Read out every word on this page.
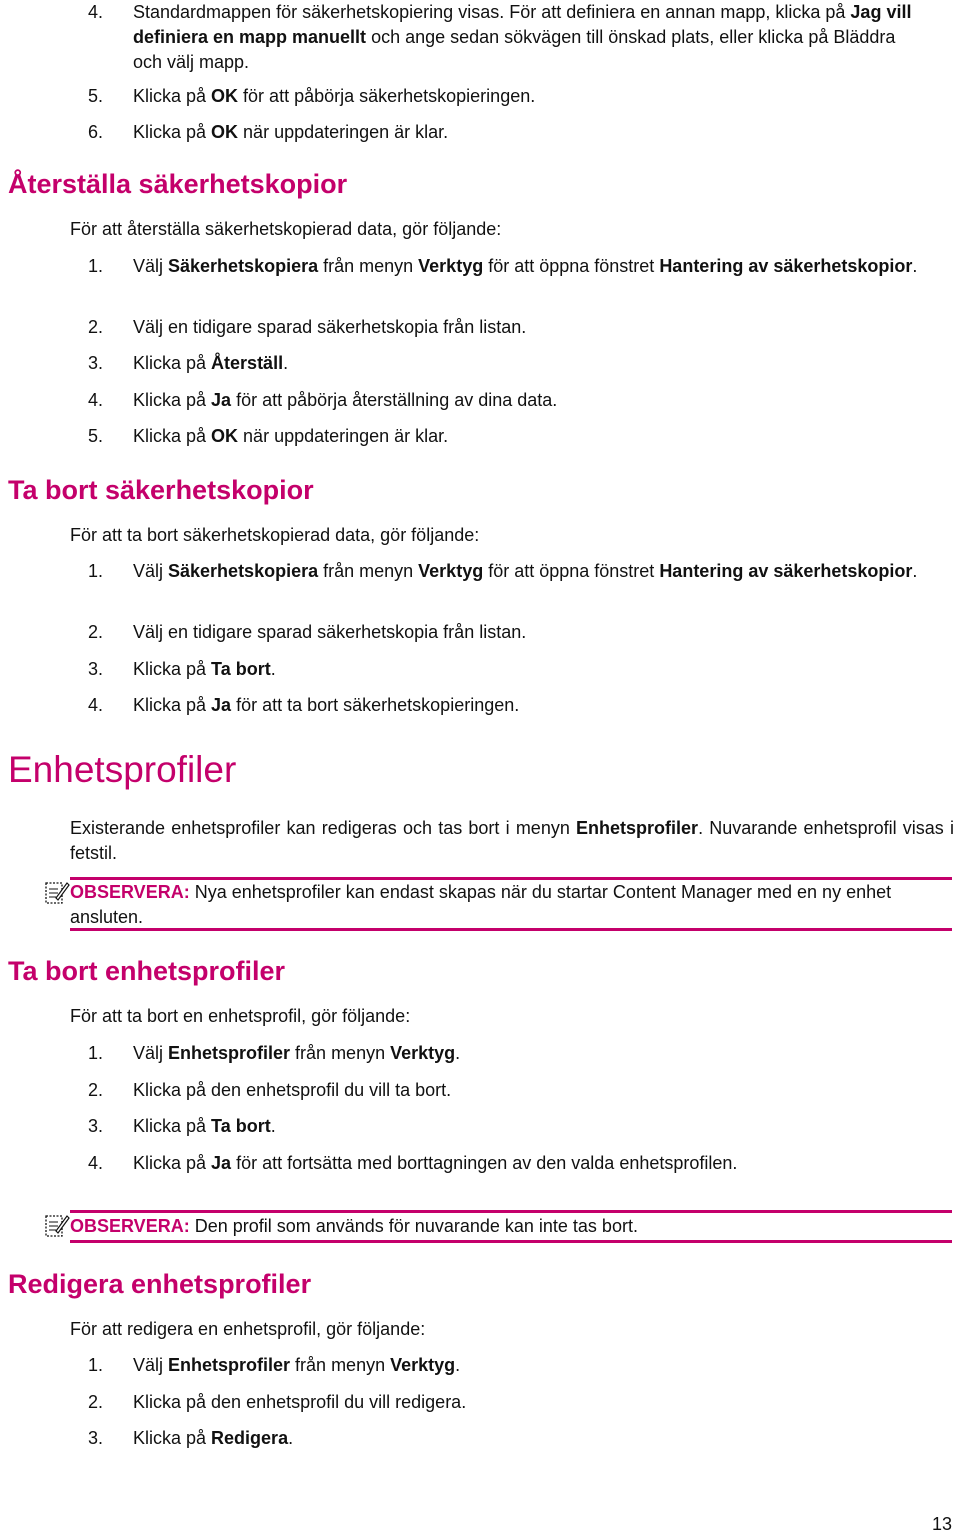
4.	Standardmappen för säkerhetskopiering visas. För att definiera en annan mapp, klicka på Jag vill definiera en mapp manuellt och ange sedan sökvägen till önskad plats, eller klicka på Bläddra och välj mapp.
5.	Klicka på OK för att påbörja säkerhetskopieringen.
6.	Klicka på OK när uppdateringen är klar.
Återställa säkerhetskopior

För att återställa säkerhetskopierad data, gör följande:

1.	Välj Säkerhetskopiera från menyn Verktyg för att öppna fönstret Hantering av säkerhetskopior.
2.	Välj en tidigare sparad säkerhetskopia från listan.
3.	Klicka på Återställ.
4.	Klicka på Ja för att påbörja återställning av dina data.
5.	Klicka på OK när uppdateringen är klar.
Ta bort säkerhetskopior

För att ta bort säkerhetskopierad data, gör följande:

1.	Välj Säkerhetskopiera från menyn Verktyg för att öppna fönstret Hantering av säkerhetskopior.
2.	Välj en tidigare sparad säkerhetskopia från listan.
3.	Klicka på Ta bort.
4.	Klicka på Ja för att ta bort säkerhetskopieringen.
Enhetsprofiler

Existerande enhetsprofiler kan redigeras och tas bort i menyn Enhetsprofiler. Nuvarande enhetsprofil visas i fetstil.

OBSERVERA: Nya enhetsprofiler kan endast skapas när du startar Content Manager med en ny enhet ansluten.
Ta bort enhetsprofiler

För att ta bort en enhetsprofil, gör följande:

1.	Välj Enhetsprofiler från menyn Verktyg.
2.	Klicka på den enhetsprofil du vill ta bort.
3.	Klicka på Ta bort.
4.	Klicka på Ja för att fortsätta med borttagningen av den valda enhetsprofilen.
OBSERVERA: Den profil som används för nuvarande kan inte tas bort.
Redigera enhetsprofiler

För att redigera en enhetsprofil, gör följande:

1.	Välj Enhetsprofiler från menyn Verktyg.
2.	Klicka på den enhetsprofil du vill redigera.
3.	Klicka på Redigera.
13
